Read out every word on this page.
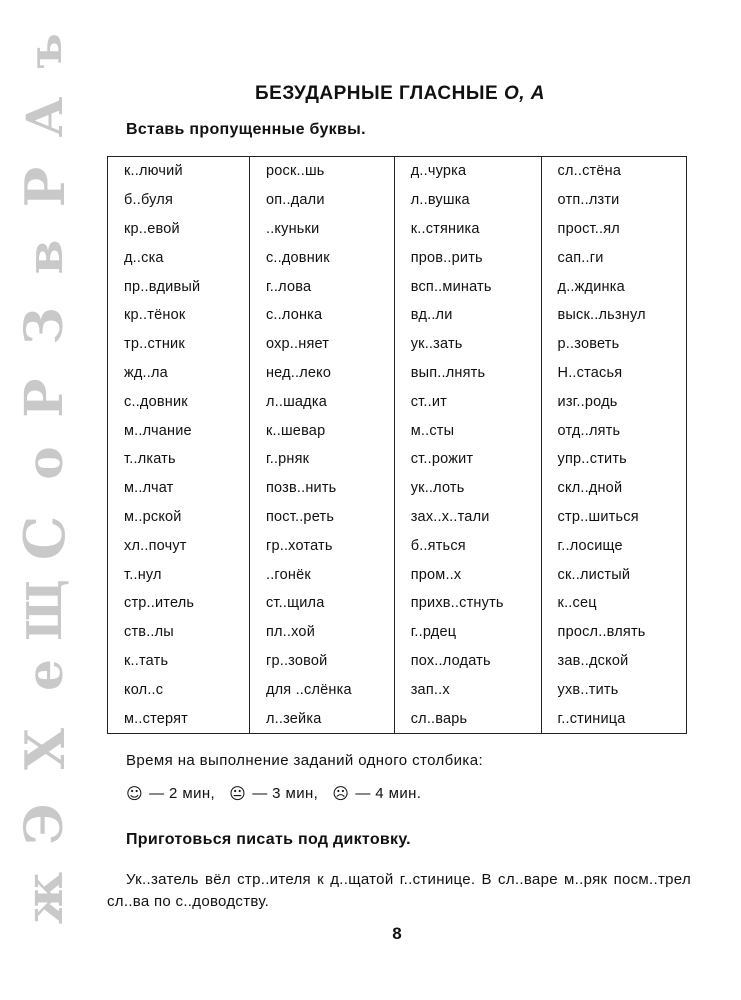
ъ
А
Р
в
З
Р
о
С
Щ
е
Х
Э
ж
БЕЗУДАРНЫЕ ГЛАСНЫЕ О, А
Вставь пропущенные буквы.
к..лючий	роск..шь	д..чурка	сл..стёна
б..буля	оп..дали	л..вушка	отп..лзти
кр..евой	..куньки	к..стяника	прост..ял
д..ска	с..довник	пров..рить	сап..ги
пр..вдивый	г..лова	всп..минать	д..ждинка
кр..тёнок	с..лонка	вд..ли	выск..льзнул
тр..стник	охр..няет	ук..зать	р..зоветь
жд..ла	нед..леко	вып..лнять	Н..стасья
с..довник	л..шадка	ст..ит	изг..родь
м..лчание	к..шевар	м..сты	отд..лять
т..лкать	г..рняк	ст..рожит	упр..стить
м..лчат	позв..нить	ук..лоть	скл..дной
м..рской	пост..реть	зах..х..тали	стр..шиться
хл..почут	гр..хотать	б..яться	г..лосище
т..нул	..гонёк	пром..х	ск..листый
стр..итель	ст..щила	прихв..стнуть	к..сец
ств..лы	пл..хой	г..рдец	просл..влять
к..тать	гр..зовой	пох..лодать	зав..дской
кол..с	для ..слёнка	зап..х	ухв..тить
м..стерят	л..зейка	сл..варь	г..стиница
Время на выполнение заданий одного столбика:
☺ — 2 мин, 😐 — 3 мин, ☹ — 4 мин.
Приготовься писать под диктовку.
Ук..затель вёл стр..ителя к д..щатой г..стинице. В сл..варе м..ряк посм..трел сл..ва по с..доводству.
8
